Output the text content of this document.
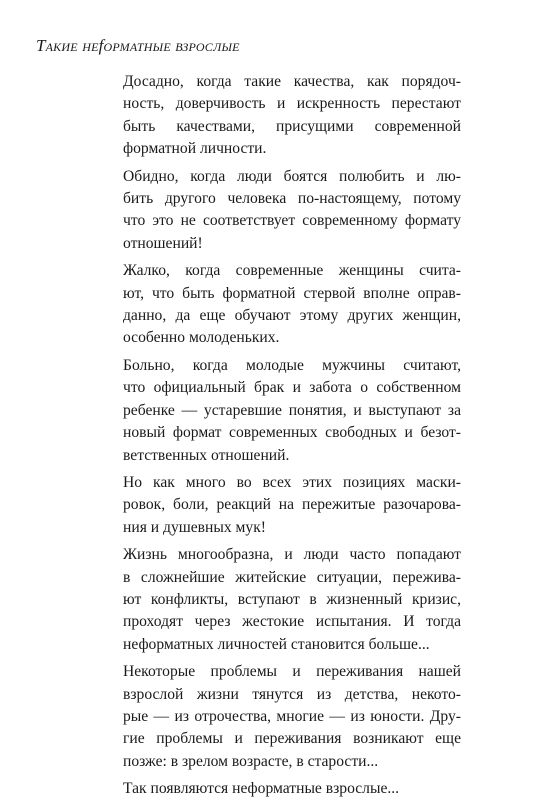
Такие неfорматные взрослые

Досадно, когда такие качества, как порядоч-
ность, доверчивость и искренность перестают
быть качествами, присущими современной
форматной личности.

Обидно, когда люди боятся полюбить и лю-
бить другого человека по-настоящему, потому
что это не соответствует современному формату
отношений!

Жалко, когда современные женщины счита-
ют, что быть форматной стервой вполне оправ-
данно, да еще обучают этому других женщин,
особенно молоденьких.

Больно, когда молодые мужчины считают,
что официальный брак и забота о собственном
ребенке — устаревшие понятия, и выступают за
новый формат современных свободных и безот-
ветственных отношений.

Но как много во всех этих позициях маски-
ровок, боли, реакций на пережитые разочарова-
ния и душевных мук!

Жизнь многообразна, и люди часто попадают
в сложнейшие житейские ситуации, пережива-
ют конфликты, вступают в жизненный кризис,
проходят через жестокие испытания. И тогда
неформатных личностей становится больше...

Некоторые проблемы и переживания нашей
взрослой жизни тянутся из детства, некото-
рые — из отрочества, многие — из юности. Дру-
гие проблемы и переживания возникают еще
позже: в зрелом возрасте, в старости...

Так появляются неформатные взрослые...
